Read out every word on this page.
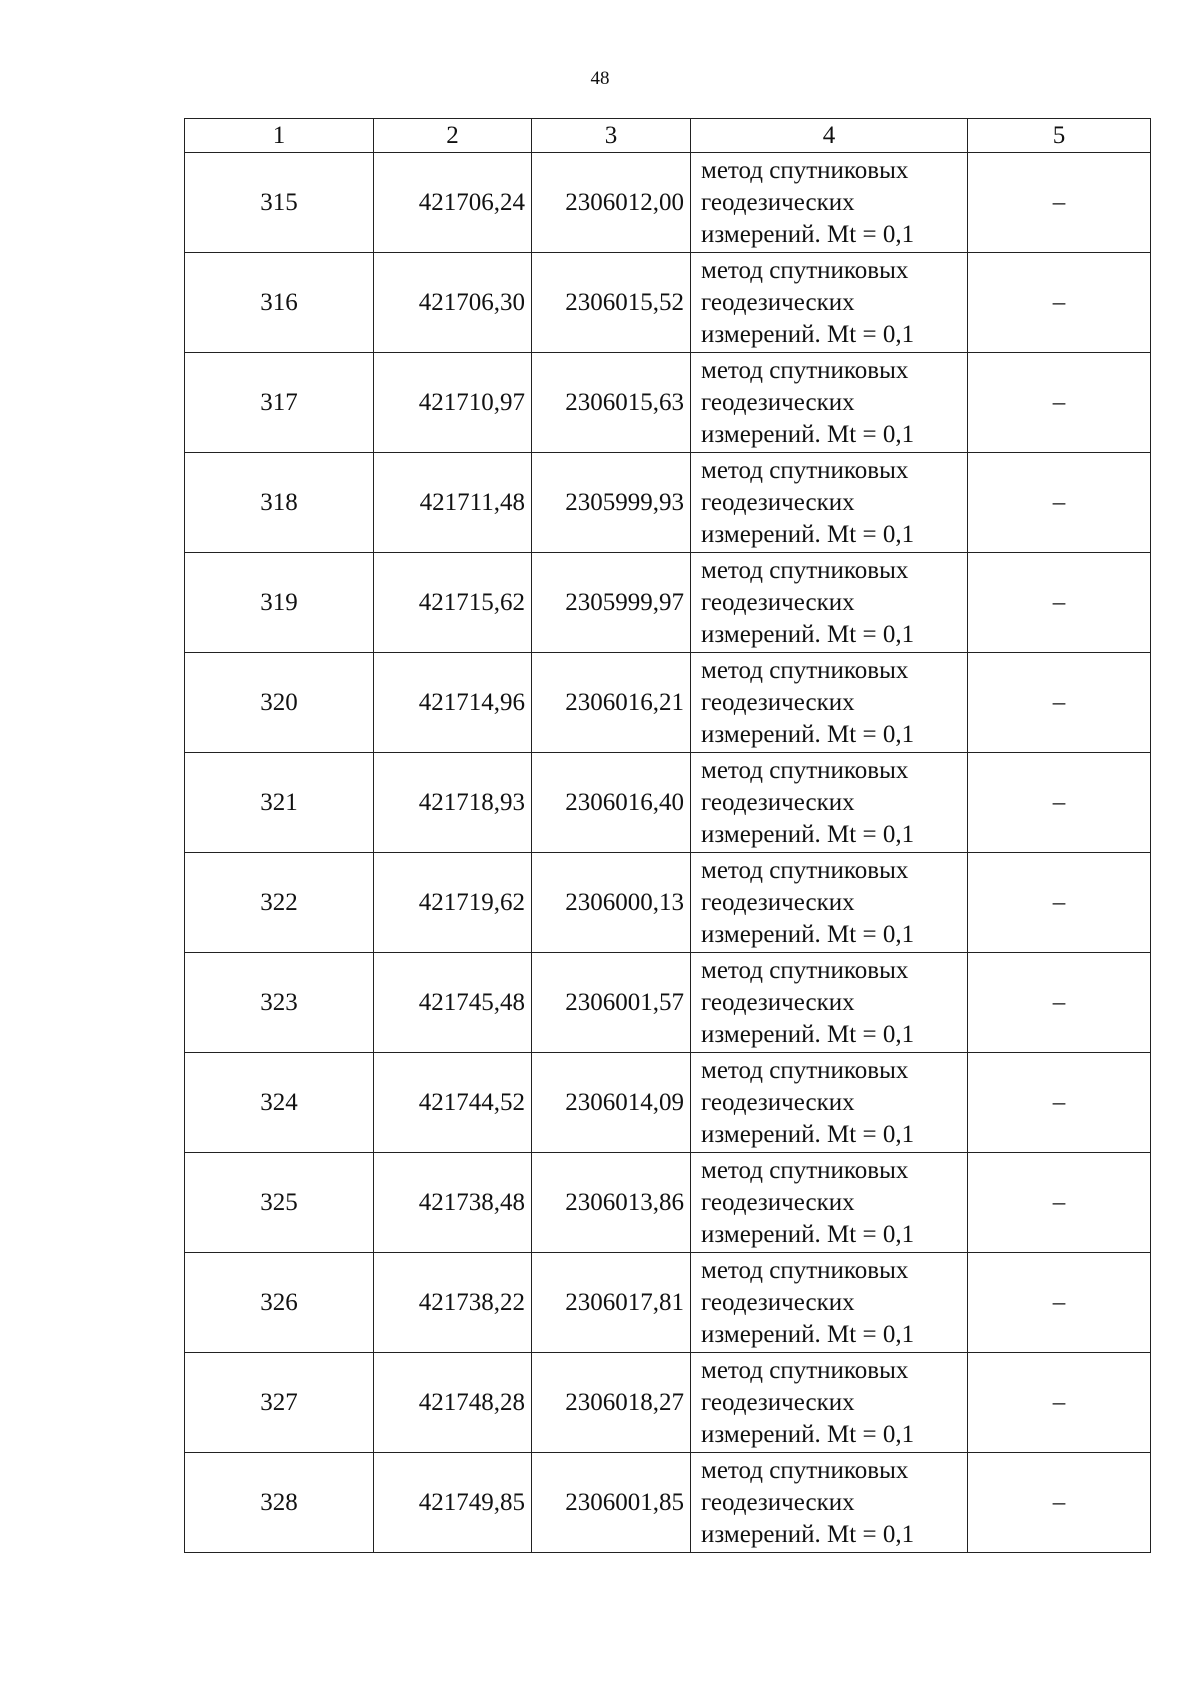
48
1	2	3	4	5
315	421706,24	2306012,00	метод спутниковых
геодезических
измерений. Mt = 0,1	–
316	421706,30	2306015,52	метод спутниковых
геодезических
измерений. Mt = 0,1	–
317	421710,97	2306015,63	метод спутниковых
геодезических
измерений. Mt = 0,1	–
318	421711,48	2305999,93	метод спутниковых
геодезических
измерений. Mt = 0,1	–
319	421715,62	2305999,97	метод спутниковых
геодезических
измерений. Mt = 0,1	–
320	421714,96	2306016,21	метод спутниковых
геодезических
измерений. Mt = 0,1	–
321	421718,93	2306016,40	метод спутниковых
геодезических
измерений. Mt = 0,1	–
322	421719,62	2306000,13	метод спутниковых
геодезических
измерений. Mt = 0,1	–
323	421745,48	2306001,57	метод спутниковых
геодезических
измерений. Mt = 0,1	–
324	421744,52	2306014,09	метод спутниковых
геодезических
измерений. Mt = 0,1	–
325	421738,48	2306013,86	метод спутниковых
геодезических
измерений. Mt = 0,1	–
326	421738,22	2306017,81	метод спутниковых
геодезических
измерений. Mt = 0,1	–
327	421748,28	2306018,27	метод спутниковых
геодезических
измерений. Mt = 0,1	–
328	421749,85	2306001,85	метод спутниковых
геодезических
измерений. Mt = 0,1	–
